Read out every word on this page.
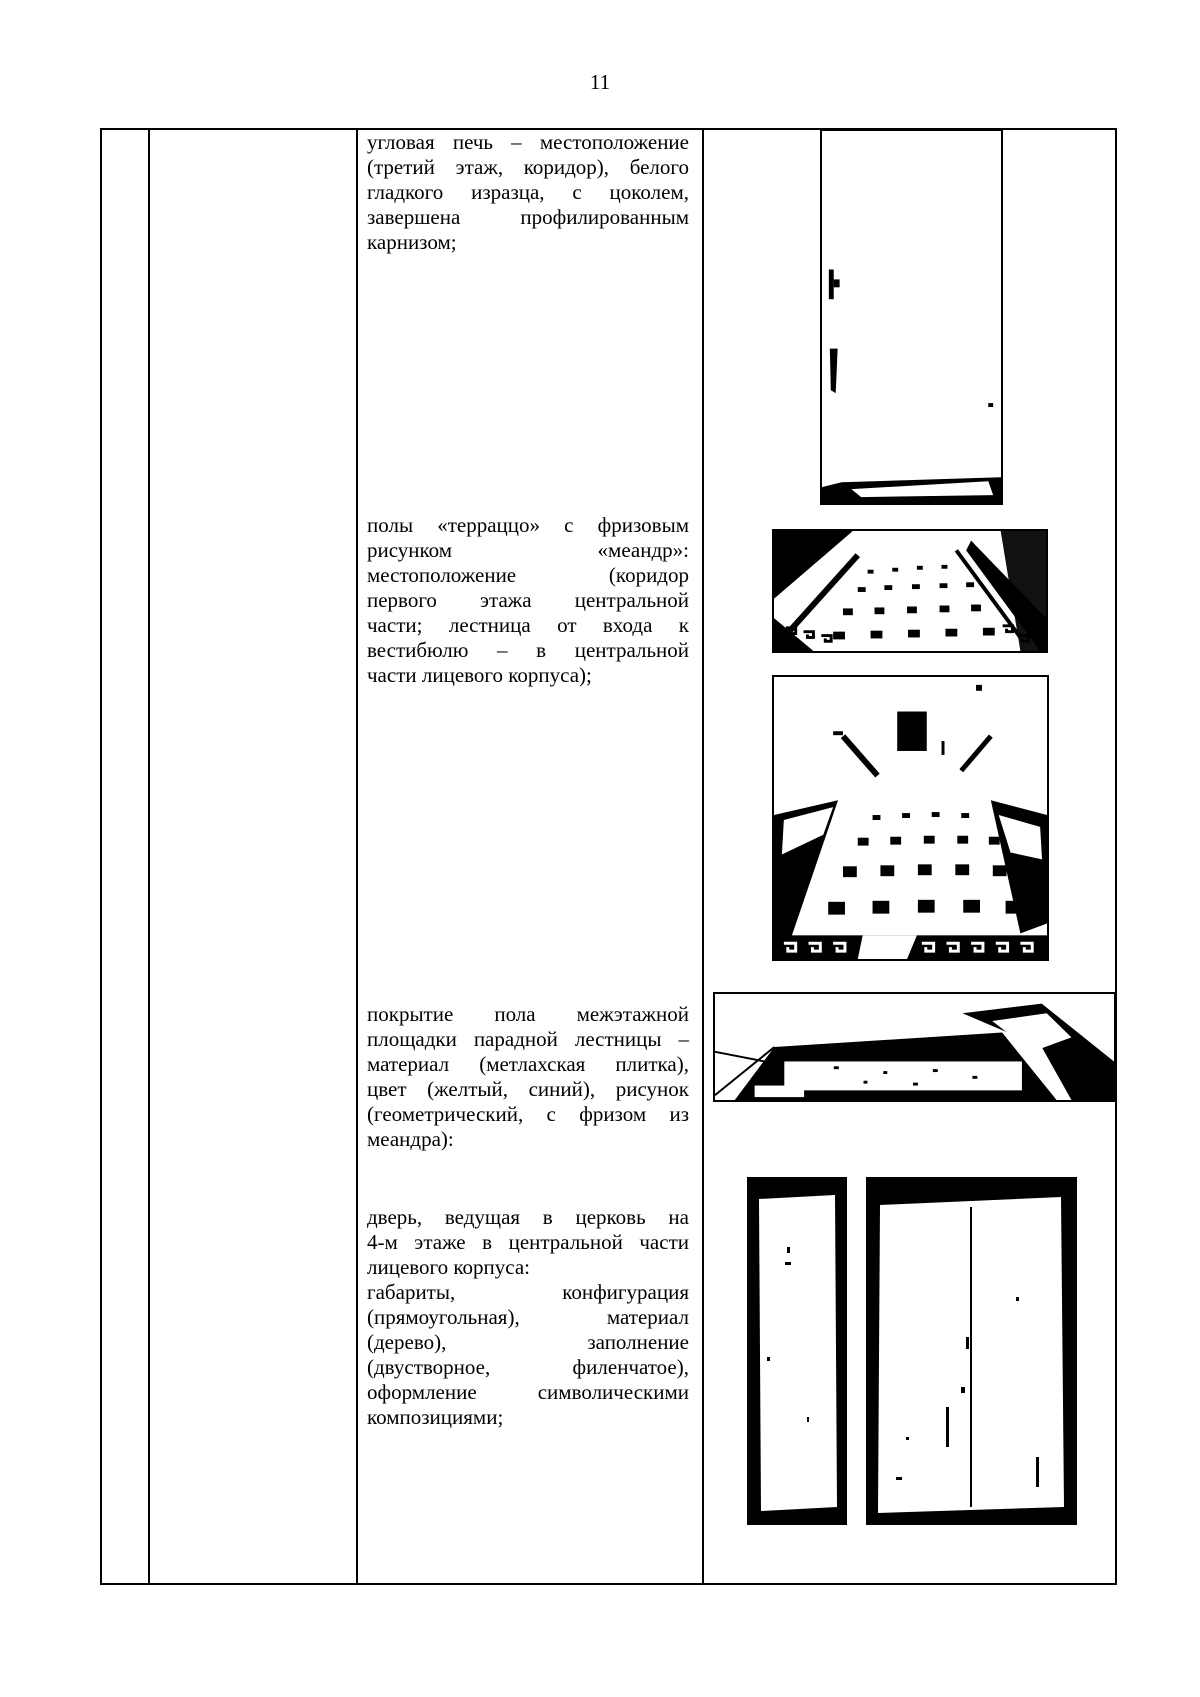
11
угловая печь – местоположение
(третий этаж, коридор), белого
гладкого изразца, с цоколем,
завершена профилированным
карнизом;
полы «терраццо» с фризовым
рисунком «меандр»:
местоположение (коридор
первого этажа центральной
части; лестница от входа к
вестибюлю – в центральной
части лицевого корпуса);
покрытие пола межэтажной
площадки парадной лестницы –
материал (метлахская плитка),
цвет (желтый, синий), рисунок
(геометрический, с фризом из
меандра):
дверь, ведущая в церковь на
4-м этаже в центральной части
лицевого корпуса:
габариты, конфигурация
(прямоугольная), материал
(дерево), заполнение
(двустворное, филенчатое),
оформление символическими
композициями;
